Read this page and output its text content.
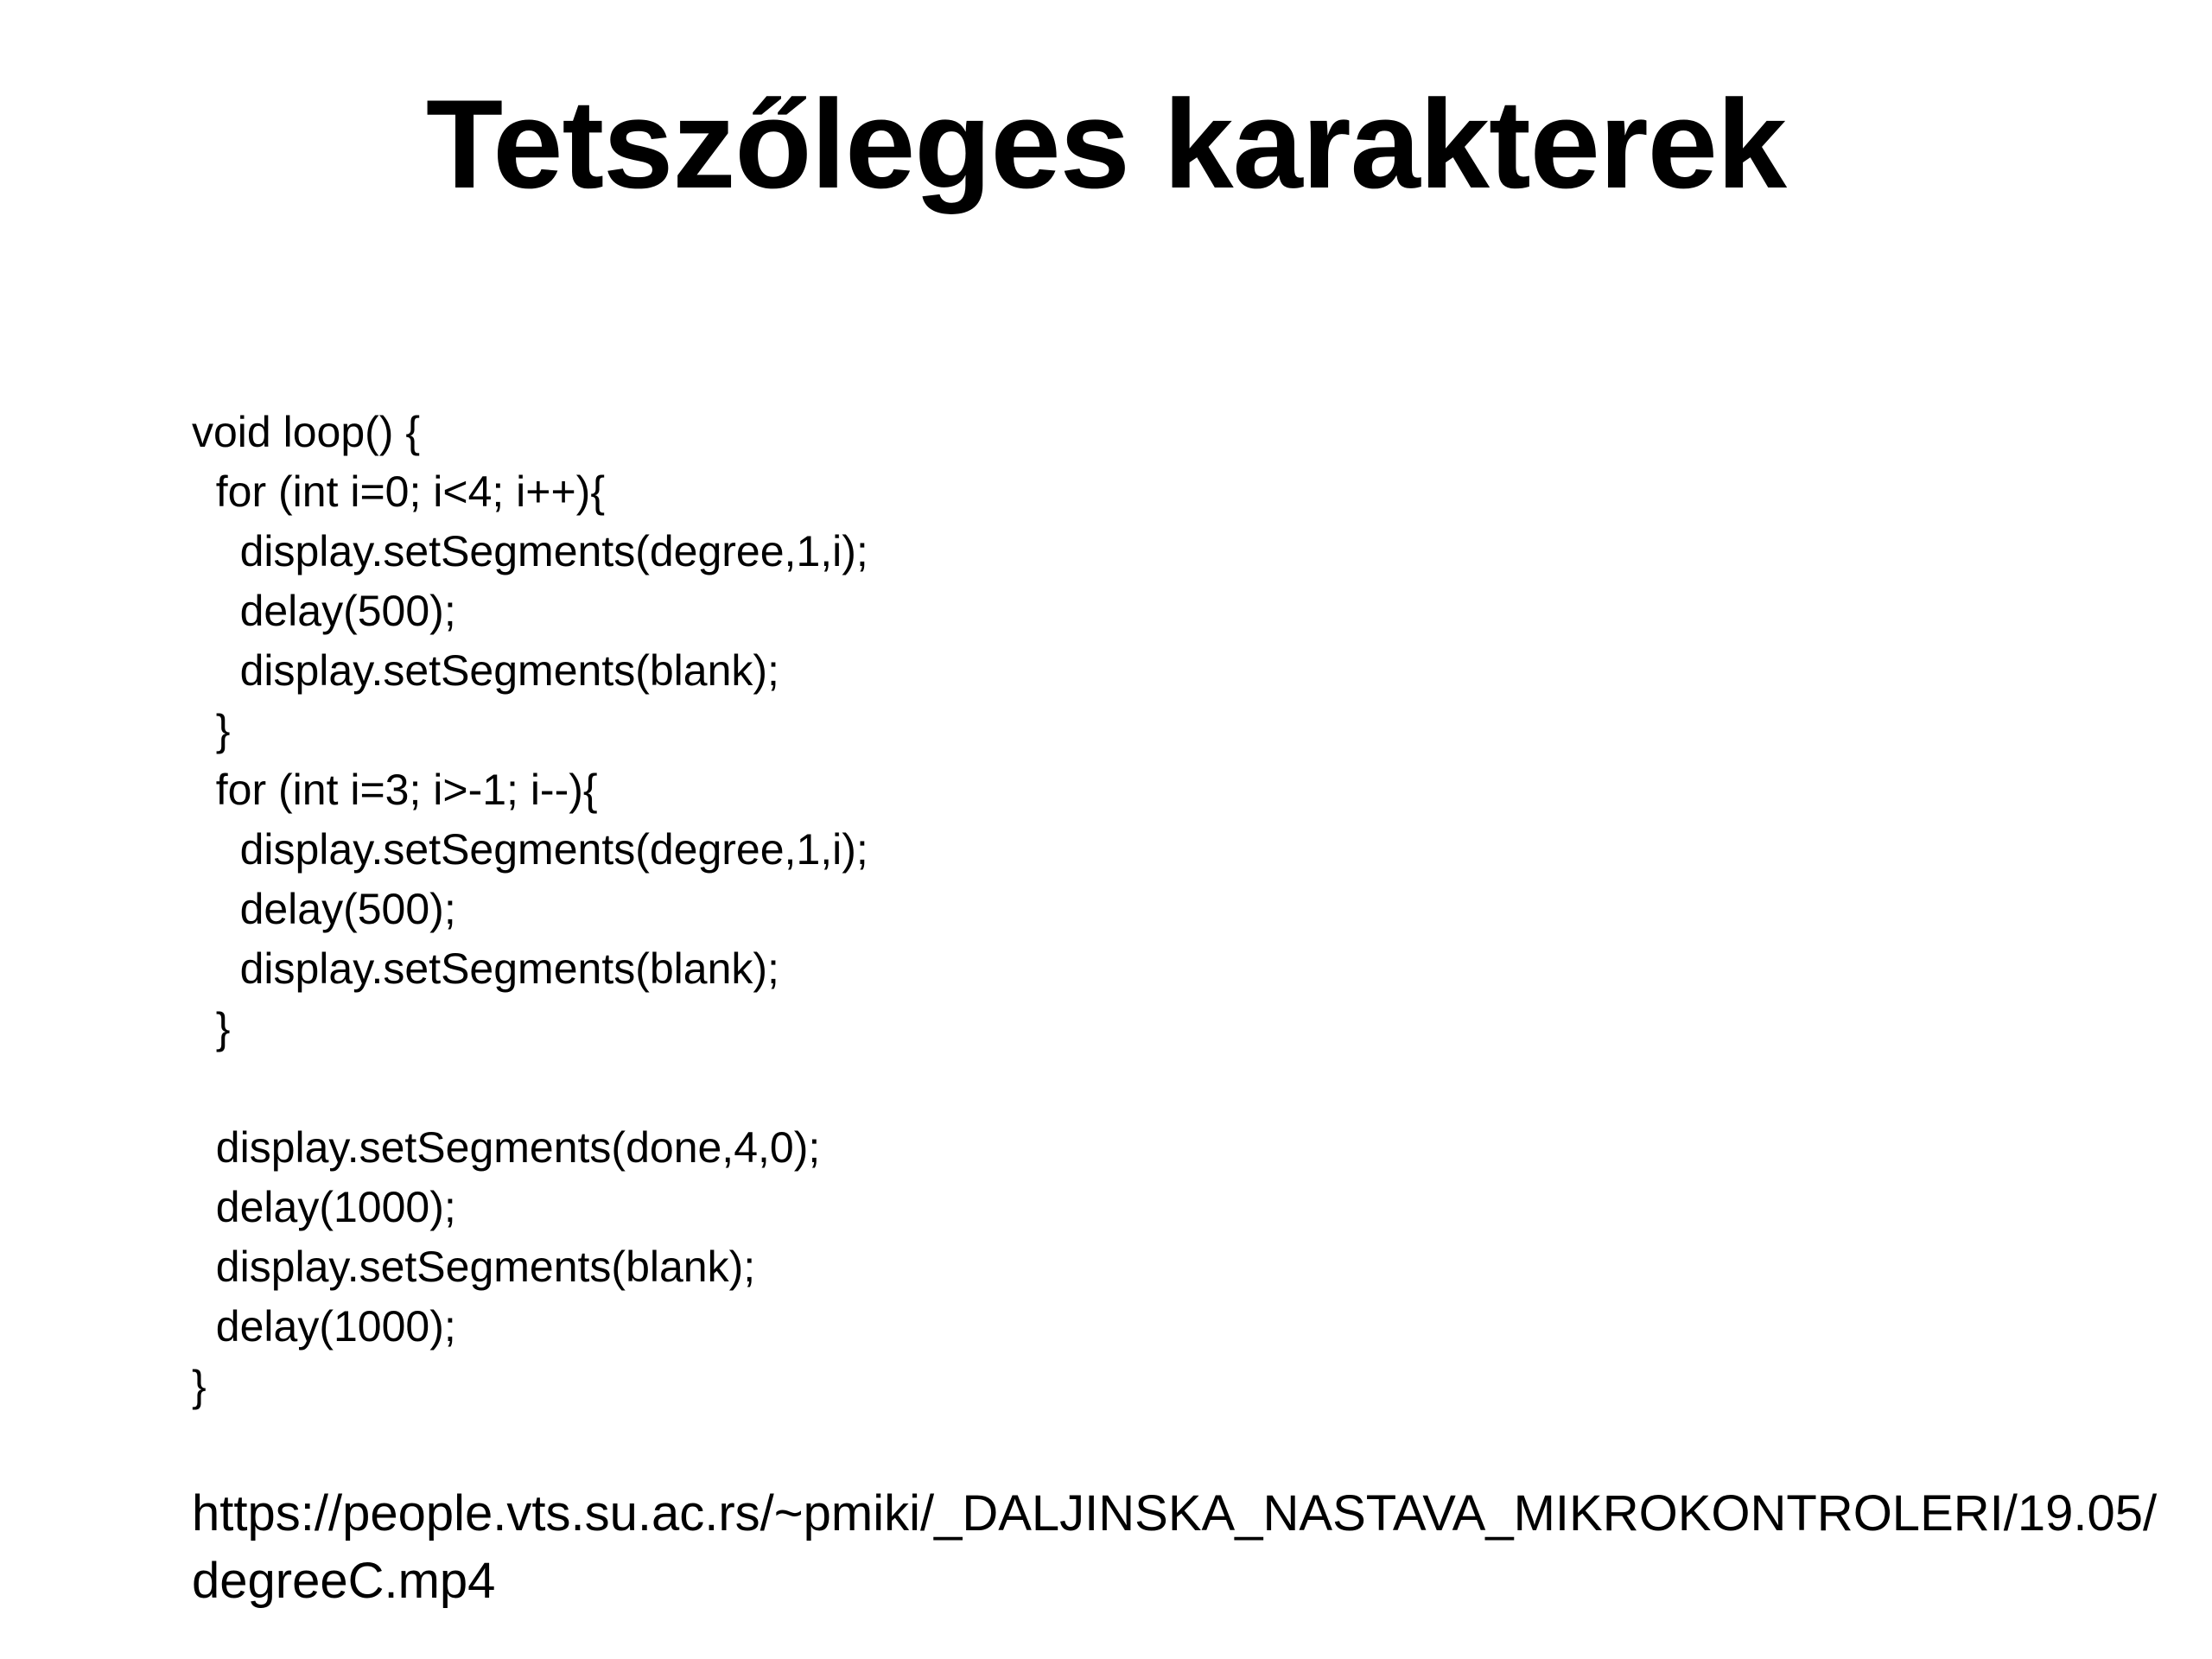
Tetszőleges karakterek
void loop() {
for (int i=0; i<4; i++){
display.setSegments(degree,1,i);
delay(500);
display.setSegments(blank);
}
for (int i=3; i>-1; i--){
display.setSegments(degree,1,i);
delay(500);
display.setSegments(blank);
}
display.setSegments(done,4,0);
delay(1000);
display.setSegments(blank);
delay(1000);
}
https://people.vts.su.ac.rs/~pmiki/_DALJINSKA_NASTAVA_MIKROKONTROLERI/19.05/
degreeC.mp4
